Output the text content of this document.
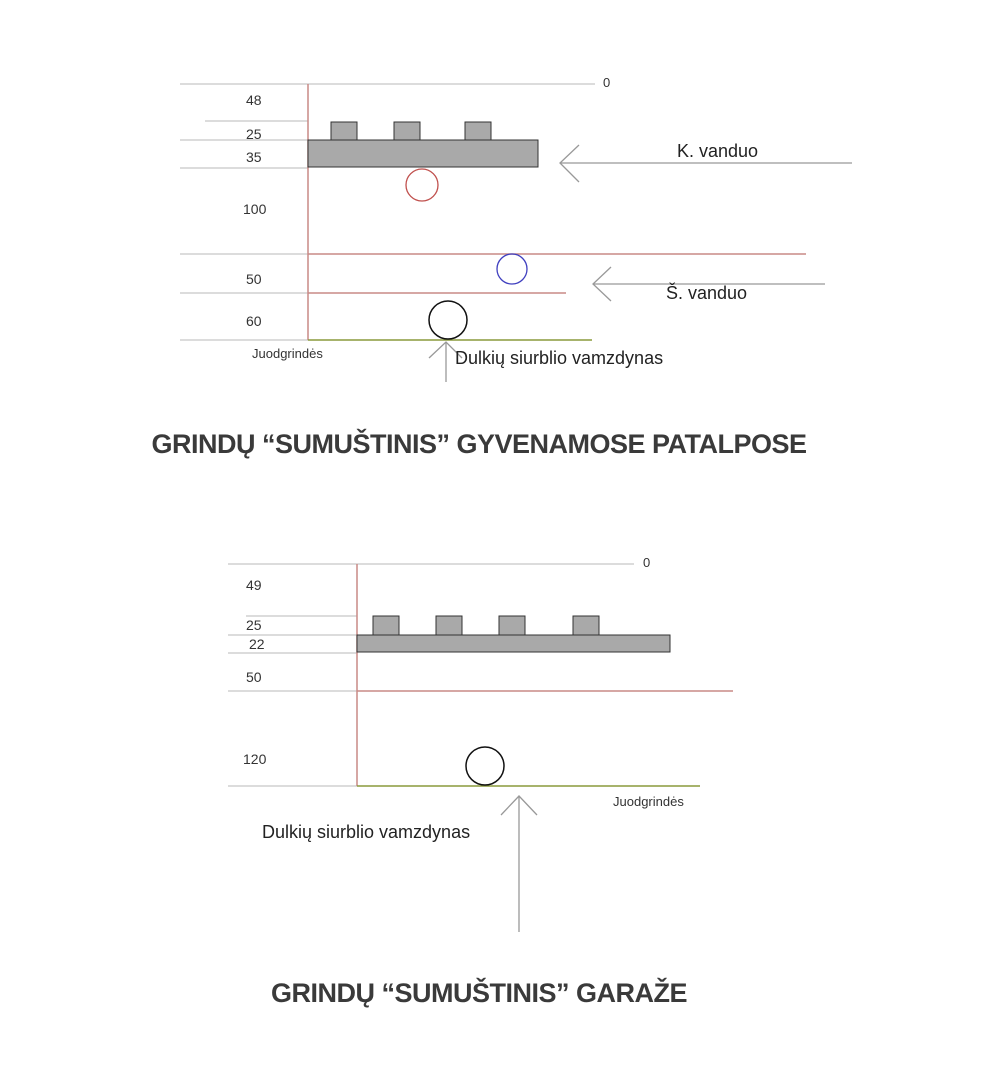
0
48
25
35
100
50
60
K. vanduo
Š. vanduo
Juodgrindės	Dulkių siurblio vamzdynas
GRINDŲ “SUMUŠTINIS” GYVENAMOSE PATALPOSE
0
49
25
22
50
120
Juodgrindės
Dulkių siurblio vamzdynas
GRINDŲ “SUMUŠTINIS” GARAŽE
